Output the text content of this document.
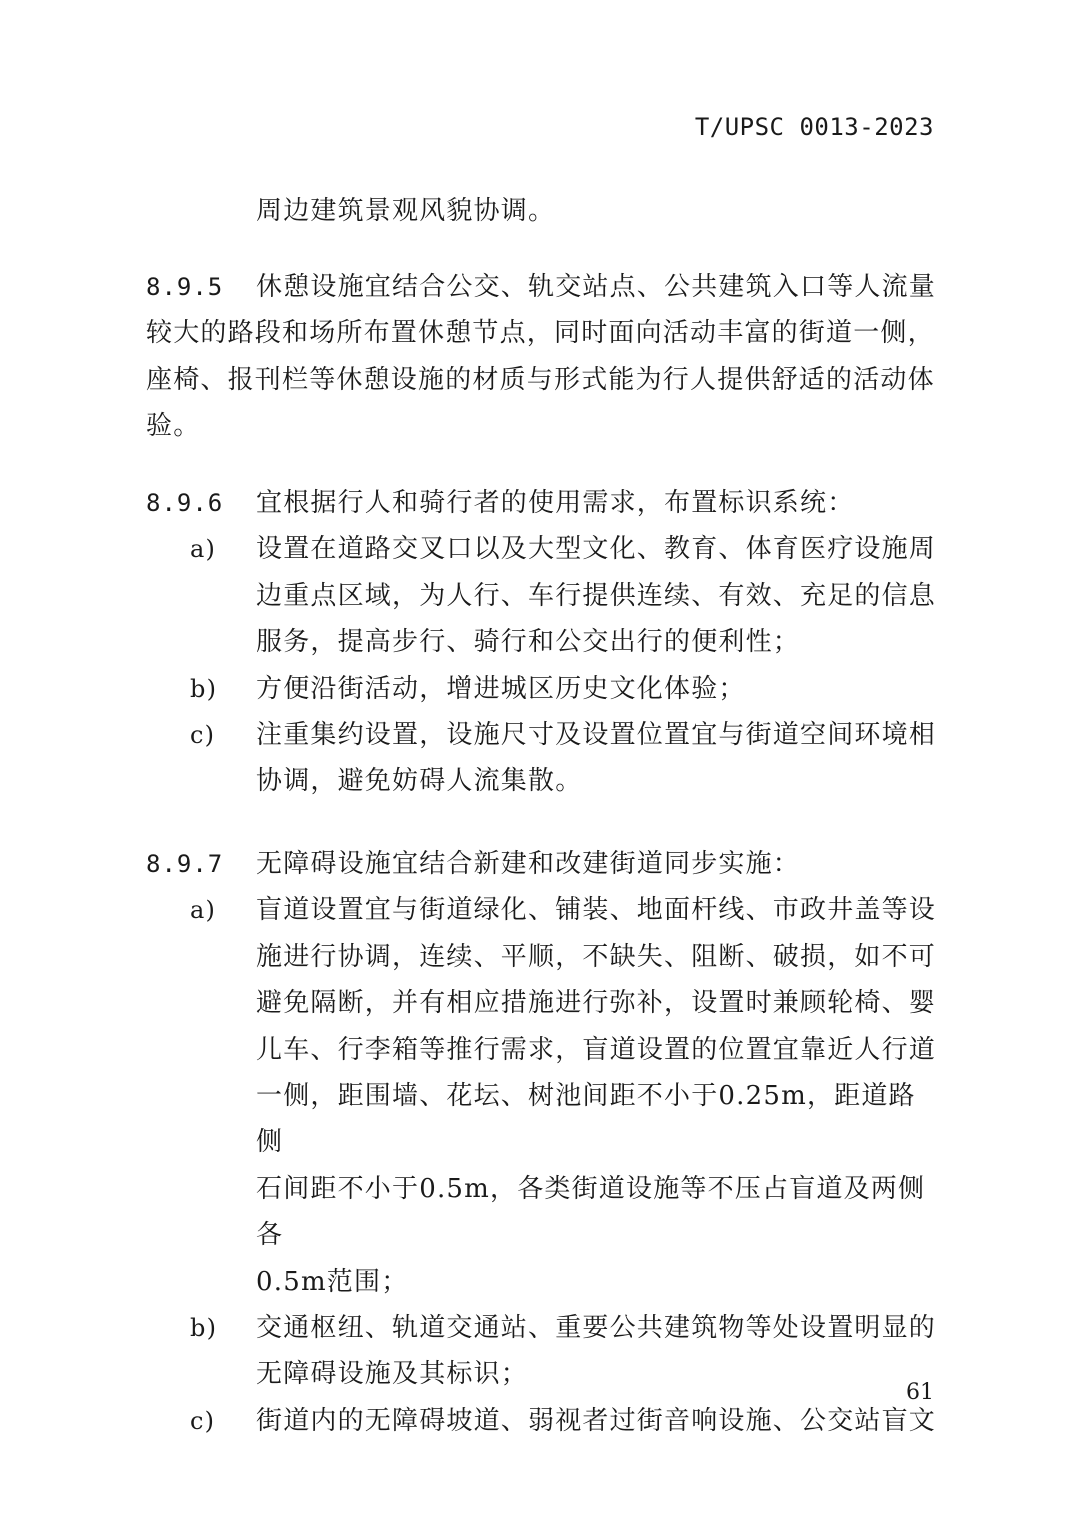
T/UPSC 0013-2023
周边建筑景观风貌协调。
8.9.5 休憩设施宜结合公交、轨交站点、公共建筑入口等人流量
较大的路段和场所布置休憩节点，同时面向活动丰富的街道一侧，
座椅、报刊栏等休憩设施的材质与形式能为行人提供舒适的活动体
验。
8.9.6 宜根据行人和骑行者的使用需求，布置标识系统：
a) 设置在道路交叉口以及大型文化、教育、体育医疗设施周
边重点区域，为人行、车行提供连续、有效、充足的信息
服务，提高步行、骑行和公交出行的便利性；
b) 方便沿街活动，增进城区历史文化体验；
c) 注重集约设置，设施尺寸及设置位置宜与街道空间环境相
协调，避免妨碍人流集散。
8.9.7 无障碍设施宜结合新建和改建街道同步实施：
a) 盲道设置宜与街道绿化、铺装、地面杆线、市政井盖等设
施进行协调，连续、平顺，不缺失、阻断、破损，如不可
避免隔断，并有相应措施进行弥补，设置时兼顾轮椅、婴
儿车、行李箱等推行需求，盲道设置的位置宜靠近人行道
一侧，距围墙、花坛、树池间距不小于0.25m，距道路侧
石间距不小于0.5m，各类街道设施等不压占盲道及两侧各
0.5m范围；
b) 交通枢纽、轨道交通站、重要公共建筑物等处设置明显的
无障碍设施及其标识；
c) 街道内的无障碍坡道、弱视者过街音响设施、公交站盲文
61
